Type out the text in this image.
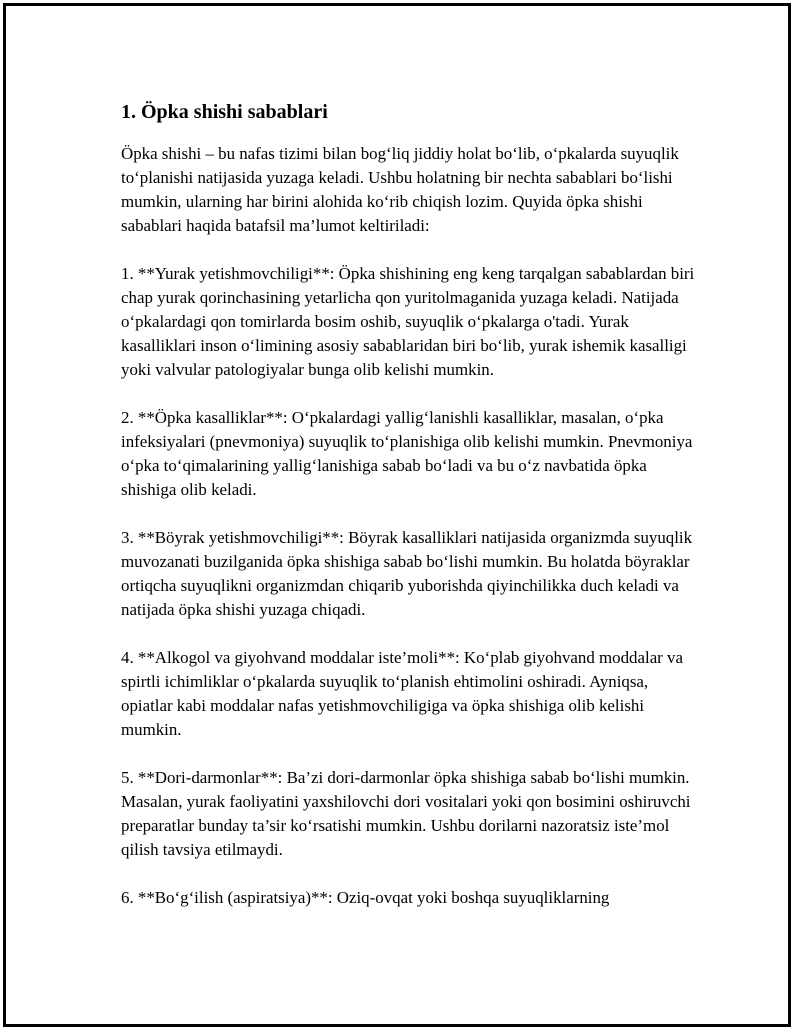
1. Öpka shishi sabablari

Öpka shishi – bu nafas tizimi bilan bog‘liq jiddiy holat bo‘lib, o‘pkalarda suyuqlik to‘planishi natijasida yuzaga keladi. Ushbu holatning bir nechta sabablari bo‘lishi mumkin, ularning har birini alohida ko‘rib chiqish lozim. Quyida öpka shishi sabablari haqida batafsil ma’lumot keltiriladi:

1. **Yurak yetishmovchiligi**: Öpka shishining eng keng tarqalgan sabablardan biri chap yurak qorinchasining yetarlicha qon yuritolmaganida yuzaga keladi. Natijada o‘pkalardagi qon tomirlarda bosim oshib, suyuqlik o‘pkalarga o'tadi. Yurak kasalliklari inson o‘limining asosiy sabablaridan biri bo‘lib, yurak ishemik kasalligi yoki valvular patologiyalar bunga olib kelishi mumkin.

2. **Öpka kasalliklar**: O‘pkalardagi yallig‘lanishli kasalliklar, masalan, o‘pka infeksiyalari (pnevmoniya) suyuqlik to‘planishiga olib kelishi mumkin. Pnevmoniya o‘pka to‘qimalarining yallig‘lanishiga sabab bo‘ladi va bu o‘z navbatida öpka shishiga olib keladi.

3. **Böyrak yetishmovchiligi**: Böyrak kasalliklari natijasida organizmda suyuqlik muvozanati buzilganida öpka shishiga sabab bo‘lishi mumkin. Bu holatda böyraklar ortiqcha suyuqlikni organizmdan chiqarib yuborishda qiyinchilikka duch keladi va natijada öpka shishi yuzaga chiqadi.

4. **Alkogol va giyohvand moddalar iste’moli**: Ko‘plab giyohvand moddalar va spirtli ichimliklar o‘pkalarda suyuqlik to‘planish ehtimolini oshiradi. Ayniqsa, opiatlar kabi moddalar nafas yetishmovchiligiga va öpka shishiga olib kelishi mumkin.

5. **Dori-darmonlar**: Ba’zi dori-darmonlar öpka shishiga sabab bo‘lishi mumkin. Masalan, yurak faoliyatini yaxshilovchi dori vositalari yoki qon bosimini oshiruvchi preparatlar bunday ta’sir ko‘rsatishi mumkin. Ushbu dorilarni nazoratsiz iste’mol qilish tavsiya etilmaydi.

6. **Bo‘g‘ilish (aspiratsiya)**: Oziq-ovqat yoki boshqa suyuqliklarning
